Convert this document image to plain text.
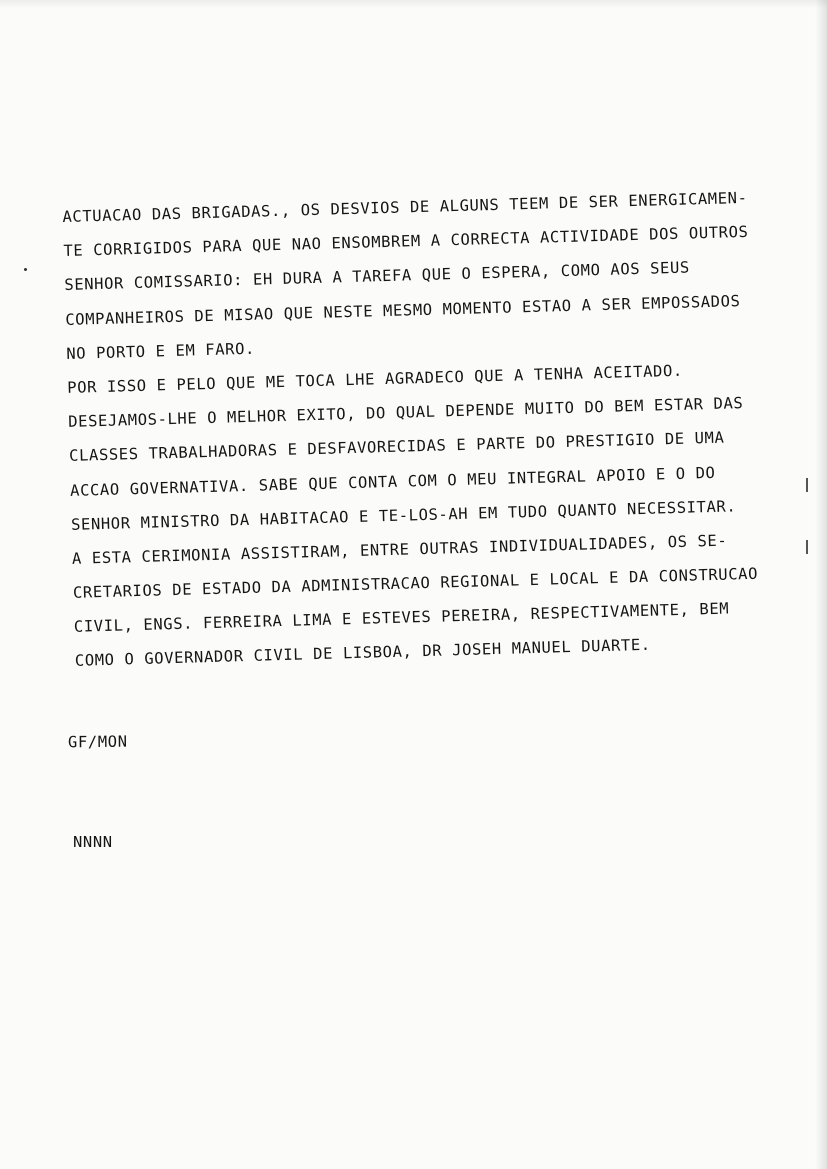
ACTUACAO DAS BRIGADAS., OS DESVIOS DE ALGUNS TEEM DE SER ENERGICAMEN-
TE CORRIGIDOS PARA QUE NAO ENSOMBREM A CORRECTA ACTIVIDADE DOS OUTROS
SENHOR COMISSARIO: EH DURA A TAREFA QUE O ESPERA, COMO AOS SEUS
COMPANHEIROS DE MISAO QUE NESTE MESMO MOMENTO ESTAO A SER EMPOSSADOS
NO PORTO E EM FARO.
POR ISSO E PELO QUE ME TOCA LHE AGRADECO QUE A TENHA ACEITADO.
DESEJAMOS-LHE O MELHOR EXITO, DO QUAL DEPENDE MUITO DO BEM ESTAR DAS
CLASSES TRABALHADORAS E DESFAVORECIDAS E PARTE DO PRESTIGIO DE UMA
ACCAO GOVERNATIVA. SABE QUE CONTA COM O MEU INTEGRAL APOIO E O DO
SENHOR MINISTRO DA HABITACAO E TE-LOS-AH EM TUDO QUANTO NECESSITAR.
A ESTA CERIMONIA ASSISTIRAM, ENTRE OUTRAS INDIVIDUALIDADES, OS SE-
CRETARIOS DE ESTADO DA ADMINISTRACAO REGIONAL E LOCAL E DA CONSTRUCAO
CIVIL, ENGS. FERREIRA LIMA E ESTEVES PEREIRA, RESPECTIVAMENTE, BEM
COMO O GOVERNADOR CIVIL DE LISBOA, DR JOSEH MANUEL DUARTE.
GF/MON
NNNN
